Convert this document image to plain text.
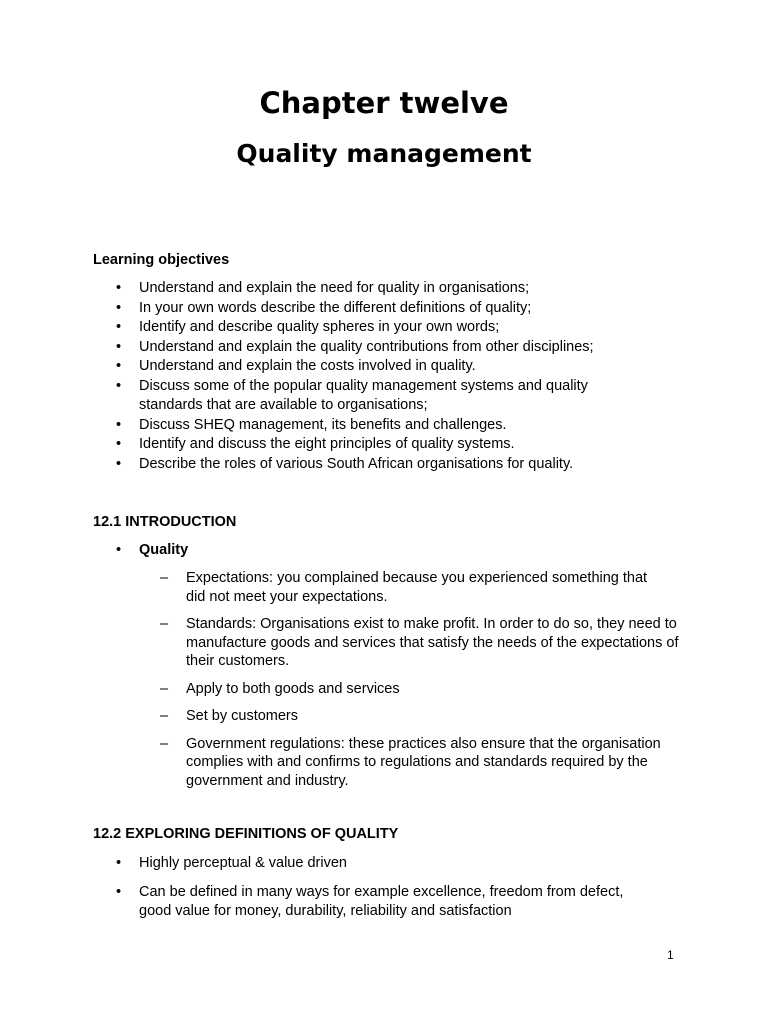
Chapter twelve
Quality management
Learning objectives
• Understand and explain the need for quality in organisations;
• In your own words describe the different definitions of quality;
• Identify and describe quality spheres in your own words;
• Understand and explain the quality contributions from other disciplines;
• Understand and explain the costs involved in quality.
• Discuss some of the popular quality management systems and quality standards that are available to organisations;
• Discuss SHEQ management, its benefits and challenges.
• Identify and discuss the eight principles of quality systems.
• Describe the roles of various South African organisations for quality.
12.1 INTRODUCTION
• Quality
– Expectations: you complained because you experienced something that did not meet your expectations.
– Standards: Organisations exist to make profit. In order to do so, they need to manufacture goods and services that satisfy the needs of the expectations of their customers.
– Apply to both goods and services
– Set by customers
– Government regulations: these practices also ensure that the organisation complies with and confirms to regulations and standards required by the government and industry.
12.2 EXPLORING DEFINITIONS OF QUALITY
• Highly perceptual & value driven
• Can be defined in many ways for example excellence, freedom from defect, good value for money, durability, reliability and satisfaction
1
